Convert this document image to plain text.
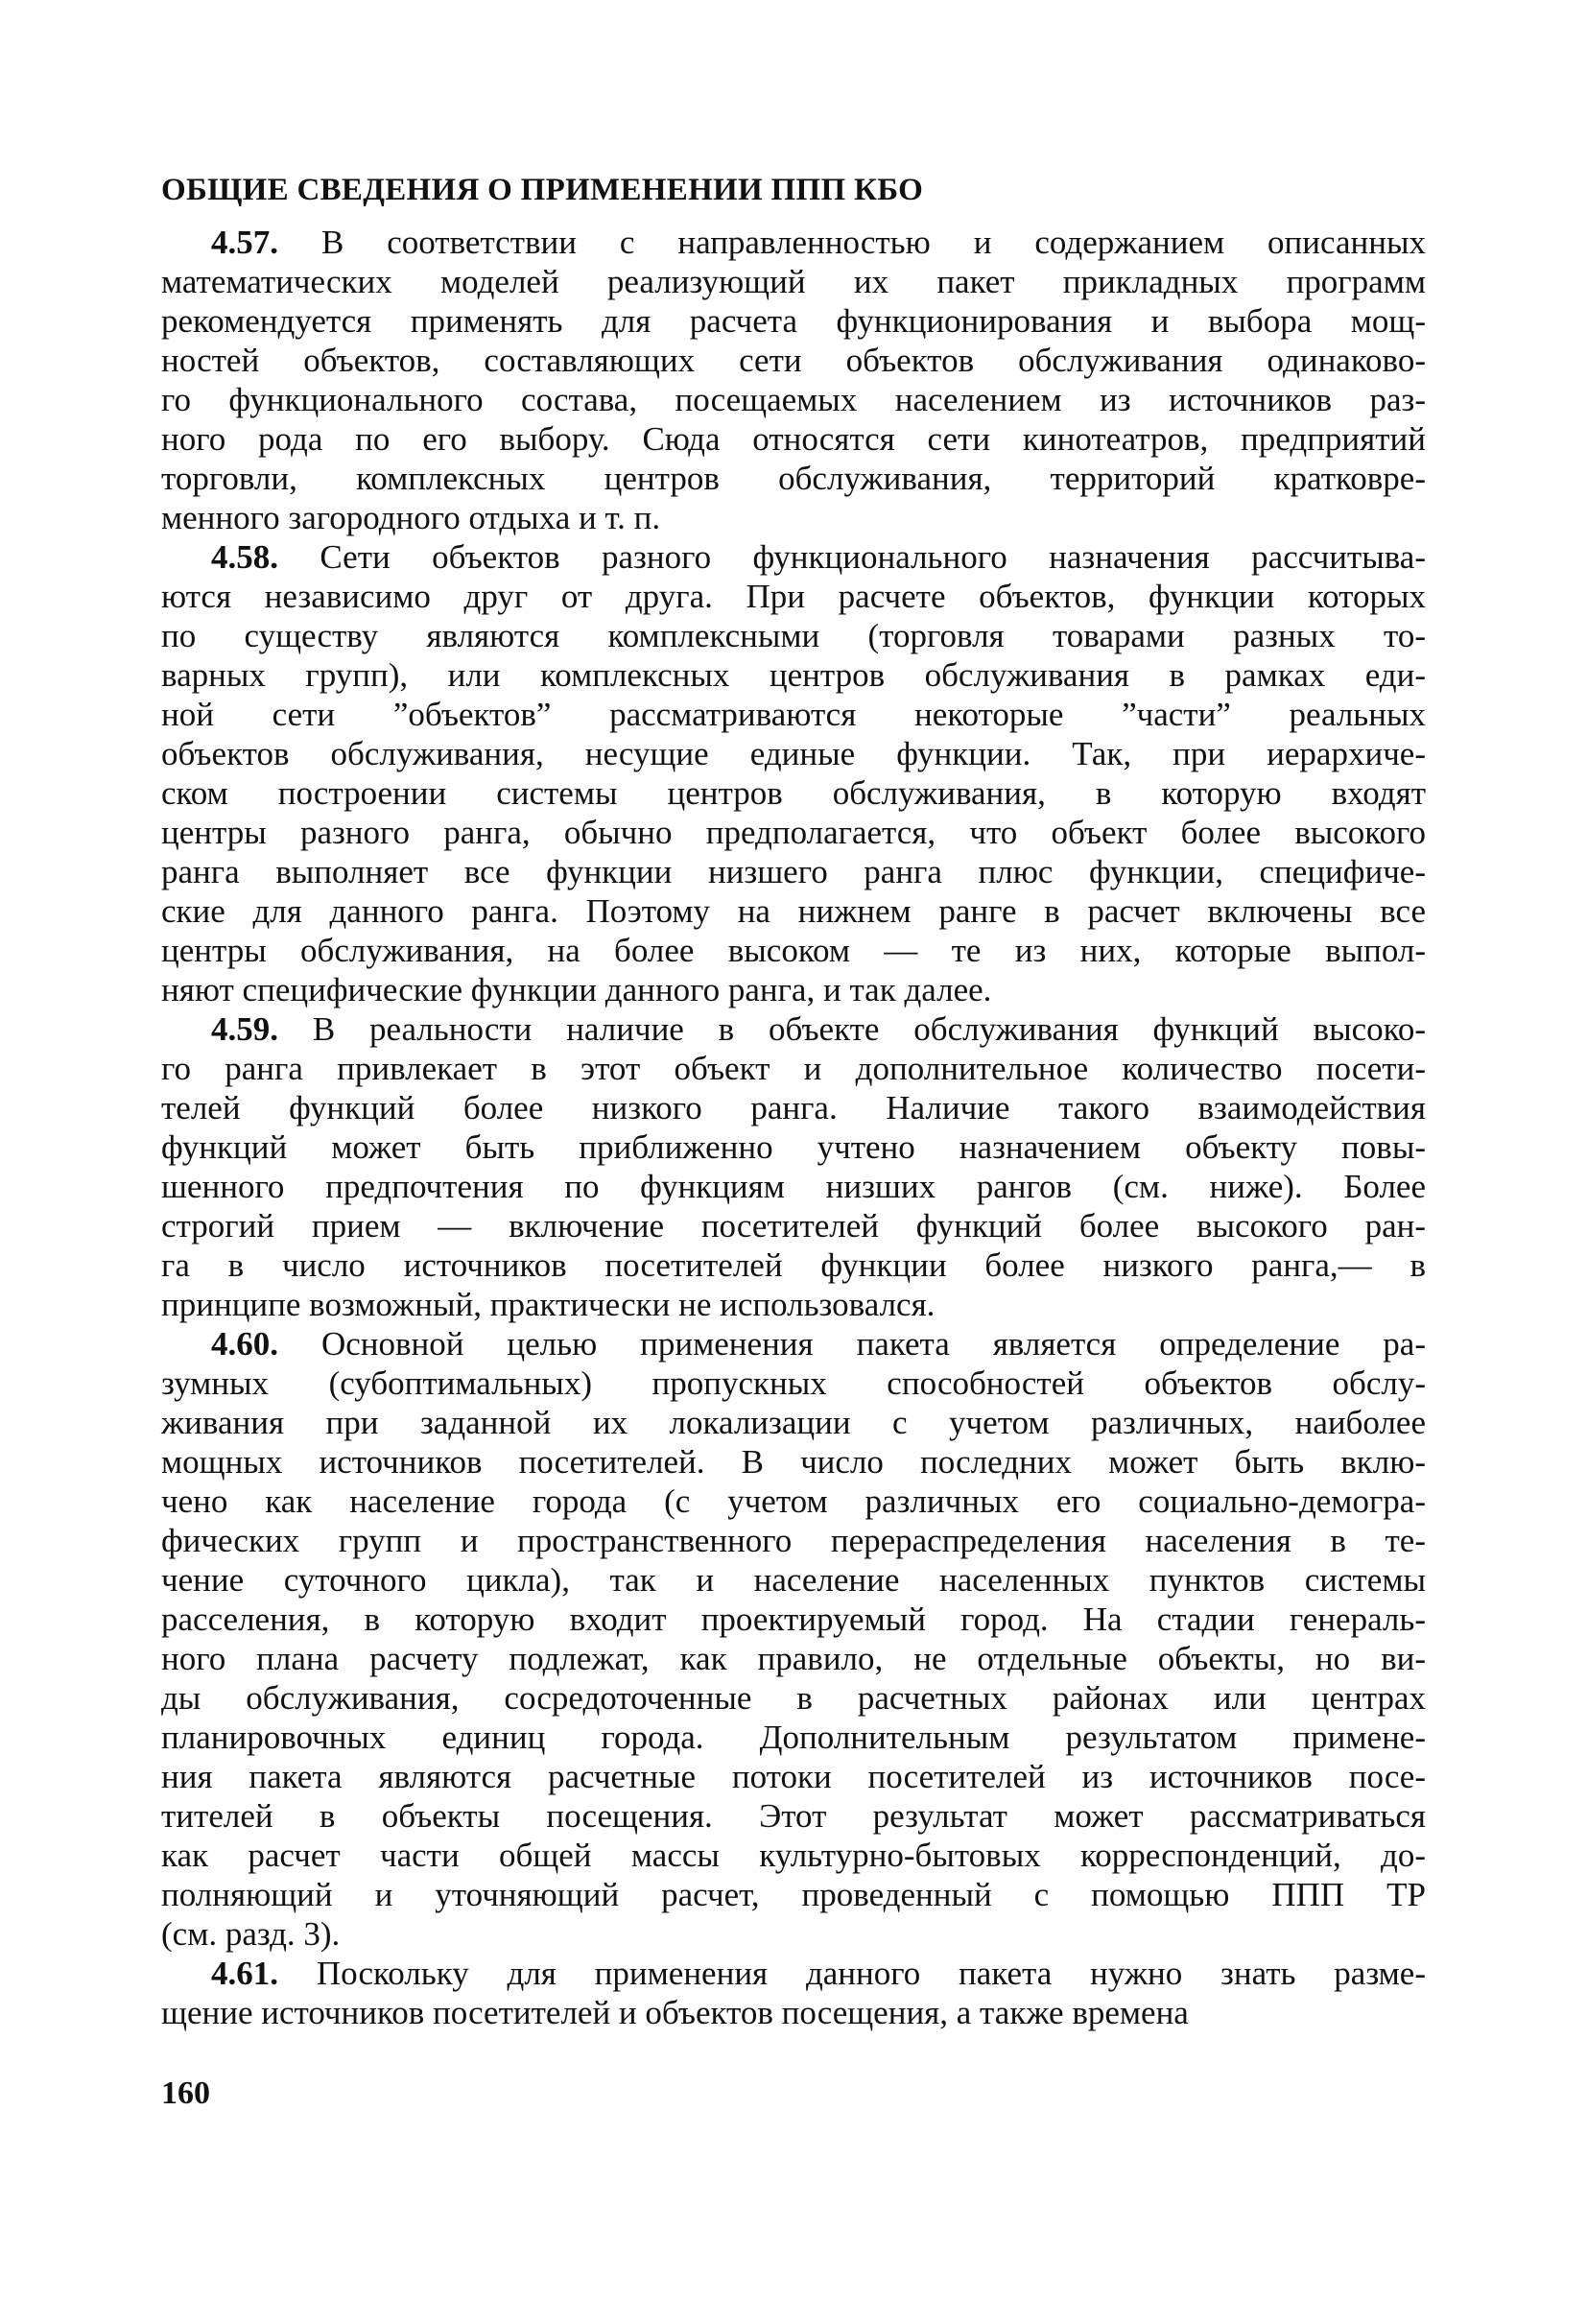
ОБЩИЕ СВЕДЕНИЯ О ПРИМЕНЕНИИ ППП КБО
4.57. В соответствии с направленностью и содержанием описанных
математических моделей реализующий их пакет прикладных программ
рекомендуется применять для расчета функционирования и выбора мощ-
ностей объектов, составляющих сети объектов обслуживания одинаково-
го функционального состава, посещаемых населением из источников раз-
ного рода по его выбору. Сюда относятся сети кинотеатров, предприятий
торговли, комплексных центров обслуживания, территорий кратковре-
менного загородного отдыха и т. п.
4.58. Сети объектов разного функционального назначения рассчитыва-
ются независимо друг от друга. При расчете объектов, функции которых
по существу являются комплексными (торговля товарами разных то-
варных групп), или комплексных центров обслуживания в рамках еди-
ной сети ”объектов” рассматриваются некоторые ”части” реальных
объектов обслуживания, несущие единые функции. Так, при иерархиче-
ском построении системы центров обслуживания, в которую входят
центры разного ранга, обычно предполагается, что объект более высокого
ранга выполняет все функции низшего ранга плюс функции, специфиче-
ские для данного ранга. Поэтому на нижнем ранге в расчет включены все
центры обслуживания, на более высоком — те из них, которые выпол-
няют специфические функции данного ранга, и так далее.
4.59. В реальности наличие в объекте обслуживания функций высоко-
го ранга привлекает в этот объект и дополнительное количество посети-
телей функций более низкого ранга. Наличие такого взаимодействия
функций может быть приближенно учтено назначением объекту повы-
шенного предпочтения по функциям низших рангов (см. ниже). Более
строгий прием — включение посетителей функций более высокого ран-
га в число источников посетителей функции более низкого ранга,— в
принципе возможный, практически не использовался.
4.60. Основной целью применения пакета является определение ра-
зумных (субоптимальных) пропускных способностей объектов обслу-
живания при заданной их локализации с учетом различных, наиболее
мощных источников посетителей. В число последних может быть вклю-
чено как население города (с учетом различных его социально-демогра-
фических групп и пространственного перераспределения населения в те-
чение суточного цикла), так и население населенных пунктов системы
расселения, в которую входит проектируемый город. На стадии генераль-
ного плана расчету подлежат, как правило, не отдельные объекты, но ви-
ды обслуживания, сосредоточенные в расчетных районах или центрах
планировочных единиц города. Дополнительным результатом примене-
ния пакета являются расчетные потоки посетителей из источников посе-
тителей в объекты посещения. Этот результат может рассматриваться
как расчет части общей массы культурно-бытовых корреспонденций, до-
полняющий и уточняющий расчет, проведенный с помощью ППП ТР
(см. разд. 3).
4.61. Поскольку для применения данного пакета нужно знать разме-
щение источников посетителей и объектов посещения, а также времена
160
